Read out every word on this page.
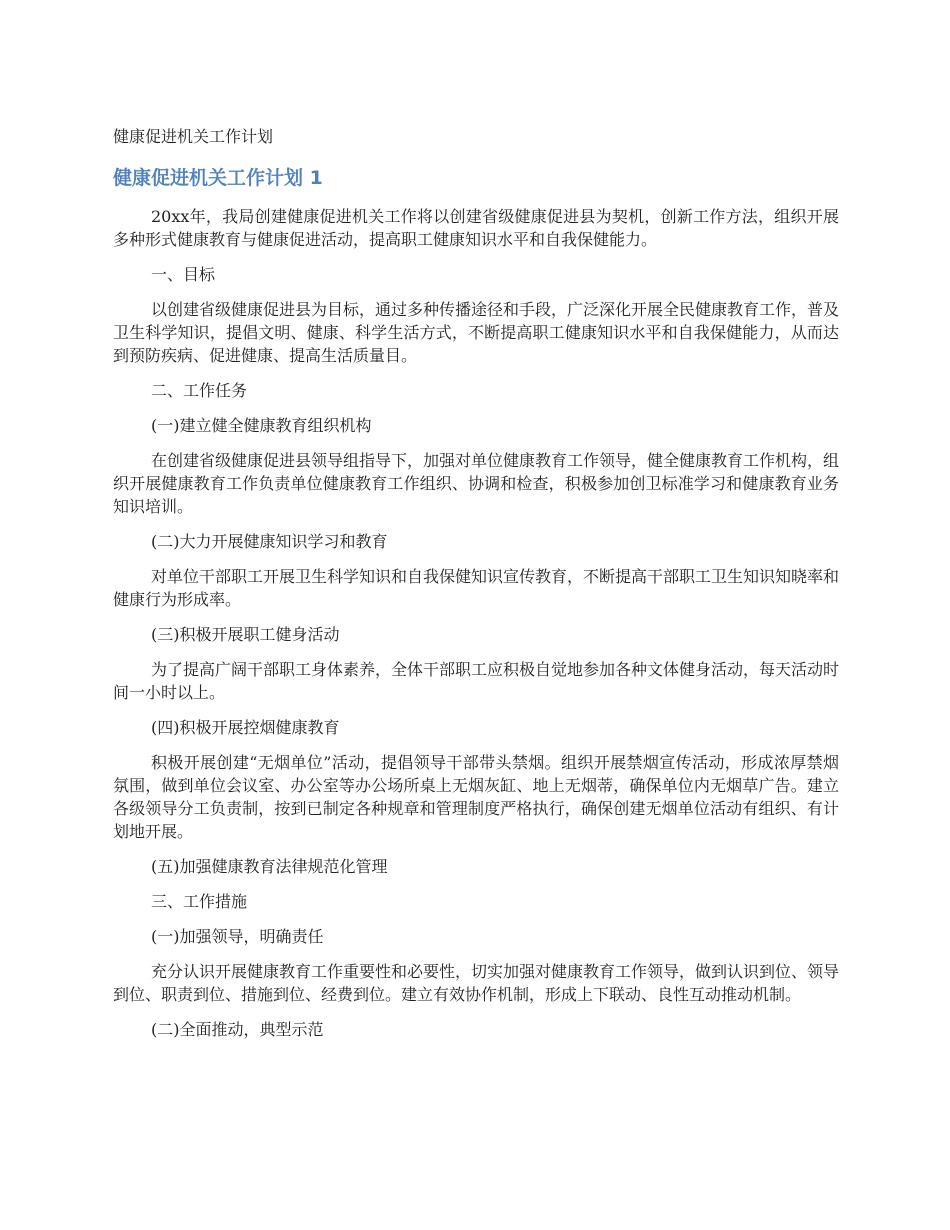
健康促进机关工作计划
健康促进机关工作计划 1

20xx年，我局创建健康促进机关工作将以创建省级健康促进县为契机，创新工作方法，组织开展多种形式健康教育与健康促进活动，提高职工健康知识水平和自我保健能力。

一、目标

以创建省级健康促进县为目标，通过多种传播途径和手段，广泛深化开展全民健康教育工作，普及卫生科学知识，提倡文明、健康、科学生活方式，不断提高职工健康知识水平和自我保健能力，从而达到预防疾病、促进健康、提高生活质量目。

二、工作任务

(一)建立健全健康教育组织机构

在创建省级健康促进县领导组指导下，加强对单位健康教育工作领导，健全健康教育工作机构，组织开展健康教育工作负责单位健康教育工作组织、协调和检查，积极参加创卫标准学习和健康教育业务知识培训。

(二)大力开展健康知识学习和教育

对单位干部职工开展卫生科学知识和自我保健知识宣传教育，不断提高干部职工卫生知识知晓率和健康行为形成率。

(三)积极开展职工健身活动

为了提高广阔干部职工身体素养，全体干部职工应积极自觉地参加各种文体健身活动，每天活动时间一小时以上。

(四)积极开展控烟健康教育

积极开展创建“无烟单位”活动，提倡领导干部带头禁烟。组织开展禁烟宣传活动，形成浓厚禁烟氛围，做到单位会议室、办公室等办公场所桌上无烟灰缸、地上无烟蒂，确保单位内无烟草广告。建立各级领导分工负责制，按到已制定各种规章和管理制度严格执行，确保创建无烟单位活动有组织、有计划地开展。

(五)加强健康教育法律规范化管理

三、工作措施

(一)加强领导，明确责任

充分认识开展健康教育工作重要性和必要性，切实加强对健康教育工作领导，做到认识到位、领导到位、职责到位、措施到位、经费到位。建立有效协作机制，形成上下联动、良性互动推动机制。

(二)全面推动，典型示范
